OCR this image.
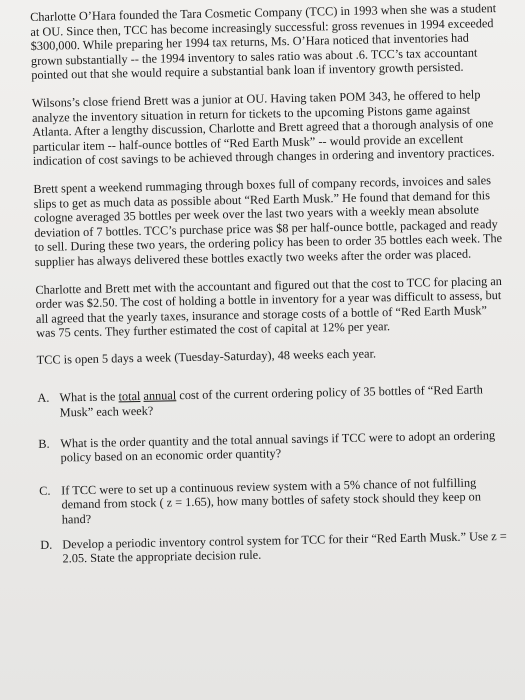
Charlotte O’Hara founded the Tara Cosmetic Company (TCC) in 1993 when she was a student at OU. Since then, TCC has become increasingly successful: gross revenues in 1994 exceeded $300,000. While preparing her 1994 tax returns, Ms. O’Hara noticed that inventories had grown substantially -- the 1994 inventory to sales ratio was about .6. TCC’s tax accountant pointed out that she would require a substantial bank loan if inventory growth persisted.

Wilsons’s close friend Brett was a junior at OU. Having taken POM 343, he offered to help analyze the inventory situation in return for tickets to the upcoming Pistons game against Atlanta. After a lengthy discussion, Charlotte and Brett agreed that a thorough analysis of one particular item -- half-ounce bottles of “Red Earth Musk” -- would provide an excellent indication of cost savings to be achieved through changes in ordering and inventory practices.

Brett spent a weekend rummaging through boxes full of company records, invoices and sales slips to get as much data as possible about “Red Earth Musk.” He found that demand for this cologne averaged 35 bottles per week over the last two years with a weekly mean absolute deviation of 7 bottles. TCC’s purchase price was $8 per half-ounce bottle, packaged and ready to sell. During these two years, the ordering policy has been to order 35 bottles each week. The supplier has always delivered these bottles exactly two weeks after the order was placed.

Charlotte and Brett met with the accountant and figured out that the cost to TCC for placing an order was $2.50. The cost of holding a bottle in inventory for a year was difficult to assess, but all agreed that the yearly taxes, insurance and storage costs of a bottle of “Red Earth Musk” was 75 cents. They further estimated the cost of capital at 12% per year.

TCC is open 5 days a week (Tuesday-Saturday), 48 weeks each year.

A. What is the total annual cost of the current ordering policy of 35 bottles of “Red Earth Musk” each week?
B. What is the order quantity and the total annual savings if TCC were to adopt an ordering policy based on an economic order quantity?
C. If TCC were to set up a continuous review system with a 5% chance of not fulfilling demand from stock ( z = 1.65), how many bottles of safety stock should they keep on hand?
D. Develop a periodic inventory control system for TCC for their “Red Earth Musk.” Use z = 2.05. State the appropriate decision rule.
